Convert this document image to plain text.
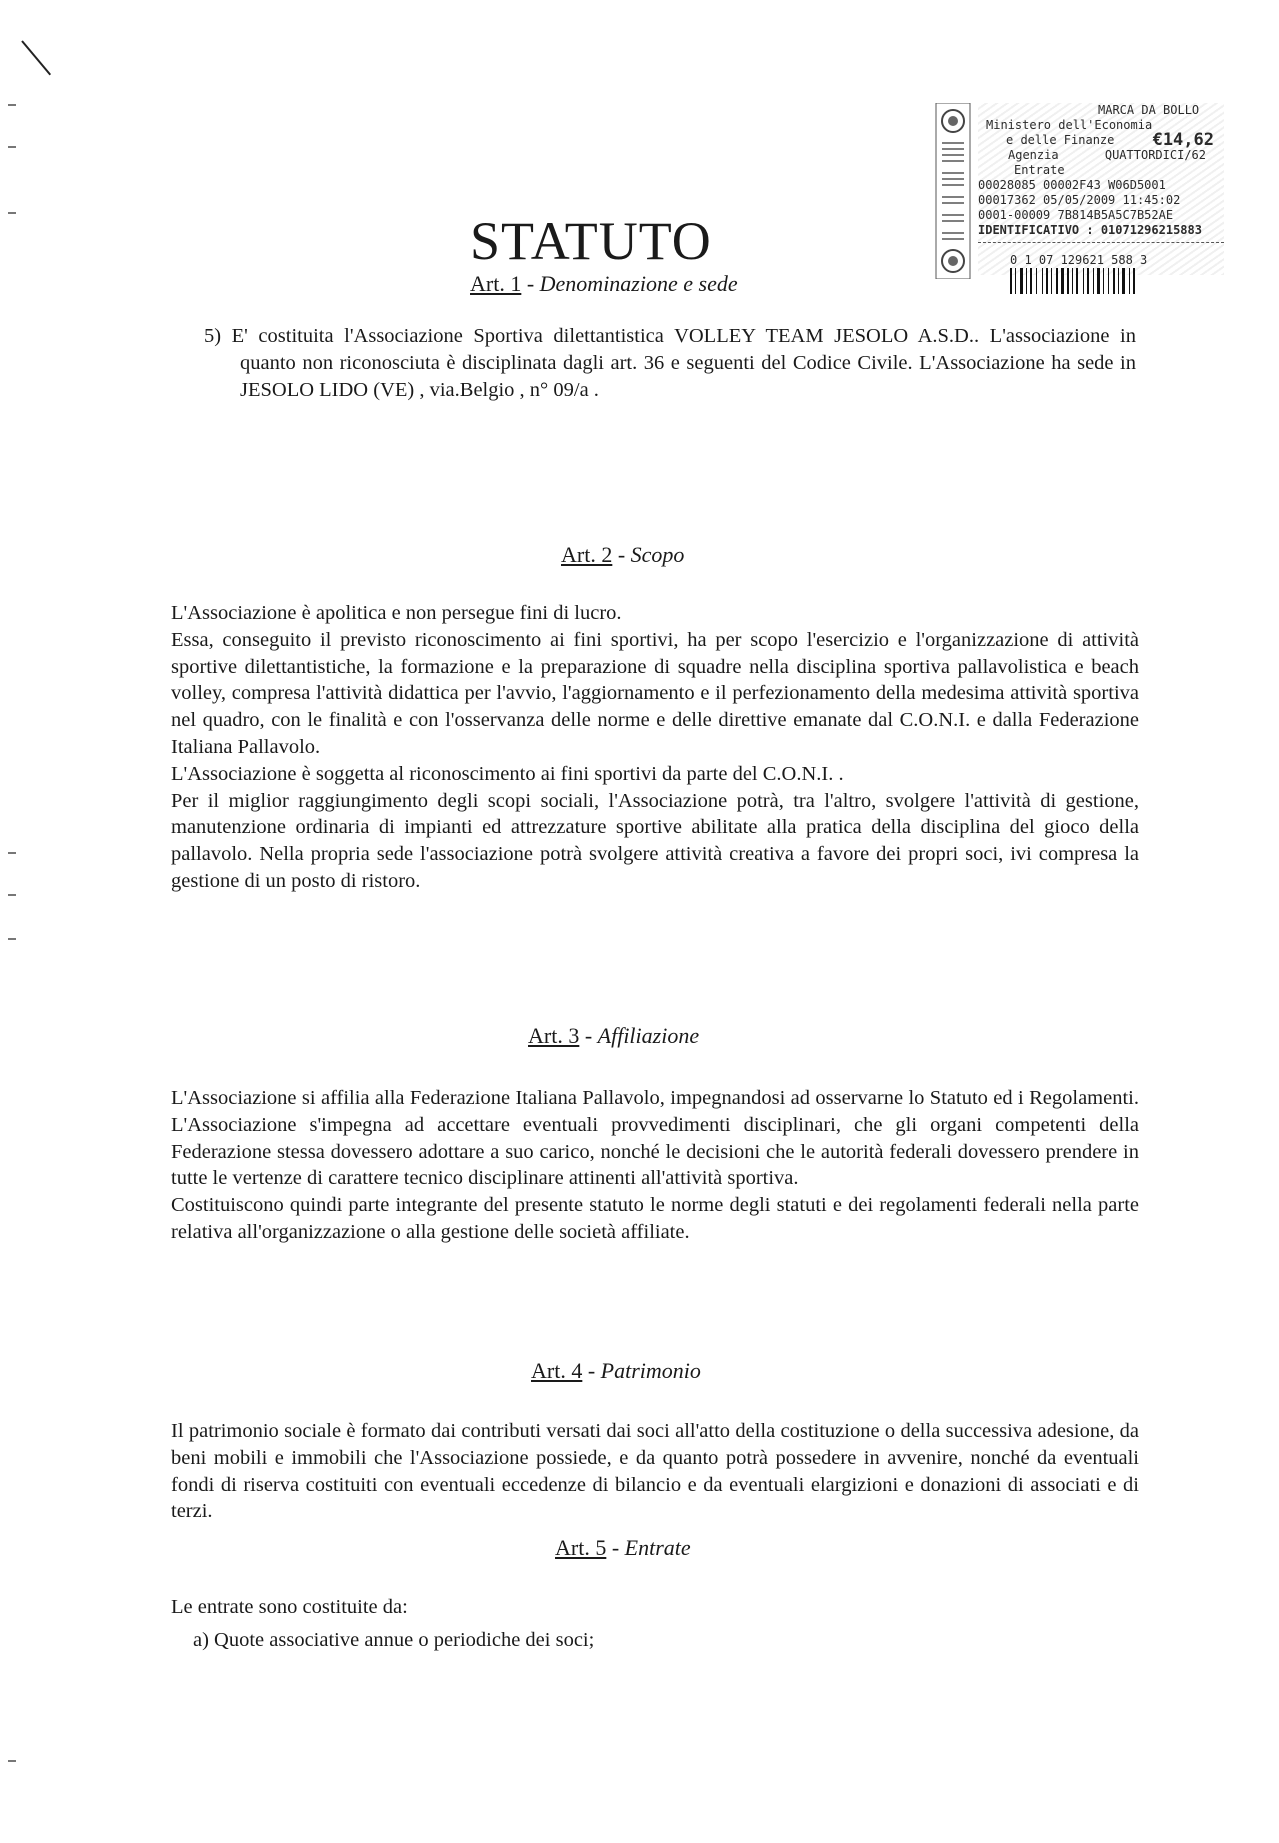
STATUTO
MARCA DA BOLLO
Ministero dell'Economia
e delle Finanze €14,62
Agenzia	QUATTORDICI/62
Entrate
00028085 00002F43 W06D5001
00017362 05/05/2009 11:45:02
0001-00009 7B814B5A5C7B52AE
IDENTIFICATIVO : 01071296215883
0 1 07 129621 588 3
Art. 1 - Denominazione e sede

5) E' costituita l'Associazione Sportiva dilettantistica VOLLEY TEAM JESOLO A.S.D.. L'associazione in quanto non riconosciuta è disciplinata dagli art. 36 e seguenti del Codice Civile. L'Associazione ha sede in JESOLO LIDO (VE) , via.Belgio , n° 09/a .

Art. 2 - Scopo

L'Associazione è apolitica e non persegue fini di lucro.

Essa, conseguito il previsto riconoscimento ai fini sportivi, ha per scopo l'esercizio e l'organizzazione di attività sportive dilettantistiche, la formazione e la preparazione di squadre nella disciplina sportiva pallavolistica e beach volley, compresa l'attività didattica per l'avvio, l'aggiornamento e il perfezionamento della medesima attività sportiva nel quadro, con le finalità e con l'osservanza delle norme e delle direttive emanate dal C.O.N.I. e dalla Federazione Italiana Pallavolo.

L'Associazione è soggetta al riconoscimento ai fini sportivi da parte del C.O.N.I. .

Per il miglior raggiungimento degli scopi sociali, l'Associazione potrà, tra l'altro, svolgere l'attività di gestione, manutenzione ordinaria di impianti ed attrezzature sportive abilitate alla pratica della disciplina del gioco della pallavolo. Nella propria sede l'associazione potrà svolgere attività creativa a favore dei propri soci, ivi compresa la gestione di un posto di ristoro.

Art. 3 - Affiliazione

L'Associazione si affilia alla Federazione Italiana Pallavolo, impegnandosi ad osservarne lo Statuto ed i Regolamenti. L'Associazione s'impegna ad accettare eventuali provvedimenti disciplinari, che gli organi competenti della Federazione stessa dovessero adottare a suo carico, nonché le decisioni che le autorità federali dovessero prendere in tutte le vertenze di carattere tecnico disciplinare attinenti all'attività sportiva.

Costituiscono quindi parte integrante del presente statuto le norme degli statuti e dei regolamenti federali nella parte relativa all'organizzazione o alla gestione delle società affiliate.

Art. 4 - Patrimonio

Il patrimonio sociale è formato dai contributi versati dai soci all'atto della costituzione o della successiva adesione, da beni mobili e immobili che l'Associazione possiede, e da quanto potrà possedere in avvenire, nonché da eventuali fondi di riserva costituiti con eventuali eccedenze di bilancio e da eventuali elargizioni e donazioni di associati e di terzi.

Art. 5 - Entrate

Le entrate sono costituite da:

a) Quote associative annue o periodiche dei soci;
